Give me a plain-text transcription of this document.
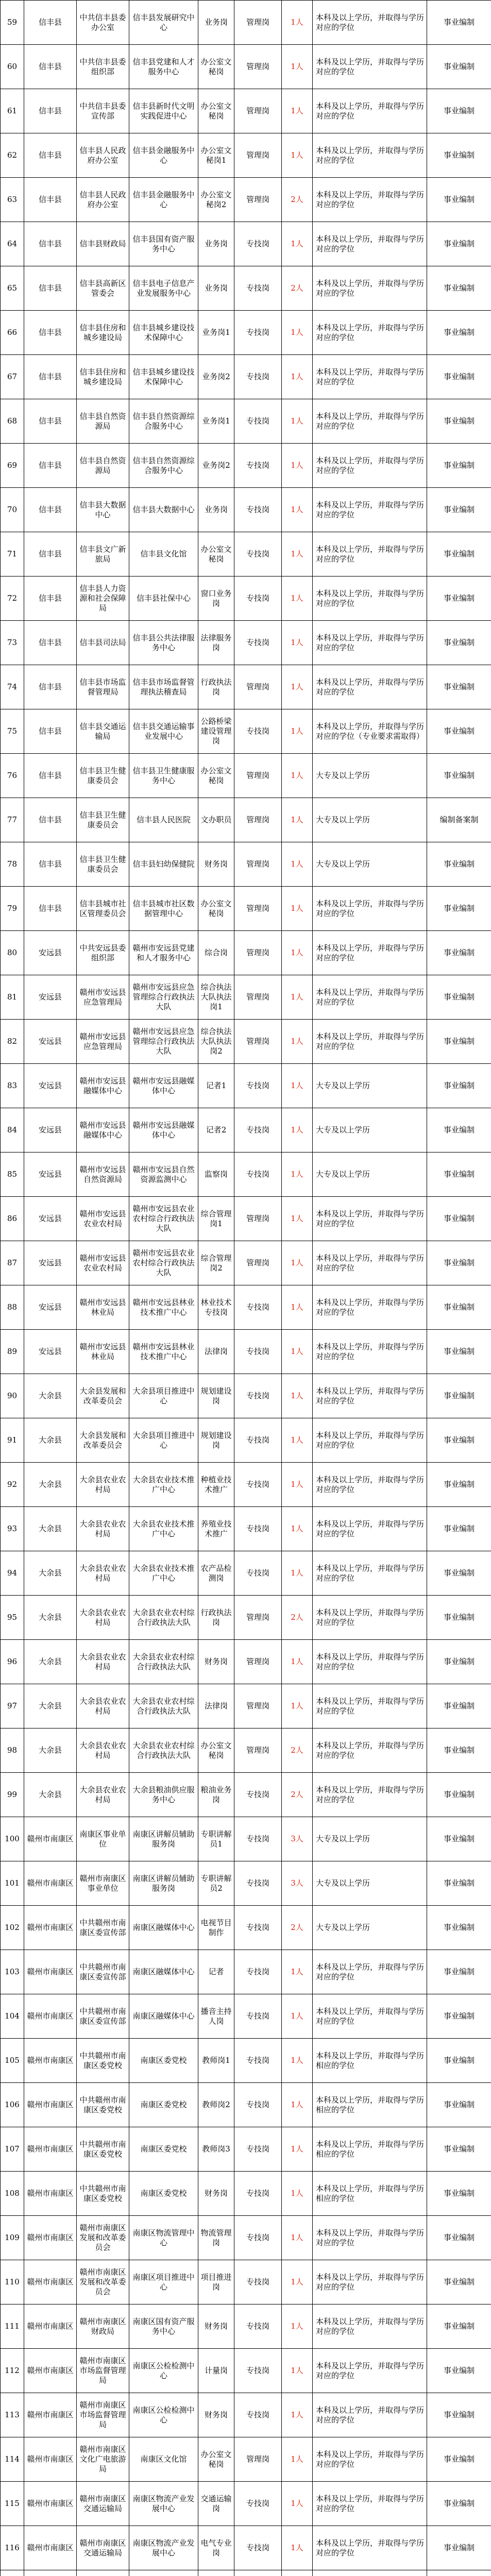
59	信丰县	中共信丰县委办公室	信丰县发展研究中心	业务岗	管理岗	1人	本科及以上学历，并取得与学历对应的学位	事业编制
60	信丰县	中共信丰县委组织部	信丰县党建和人才服务中心	办公室文秘岗	管理岗	1人	本科及以上学历，并取得与学历对应的学位	事业编制
61	信丰县	中共信丰县委宣传部	信丰县新时代文明实践促进中心	办公室文秘岗	管理岗	1人	本科及以上学历，并取得与学历对应的学位	事业编制
62	信丰县	信丰县人民政府办公室	信丰县金融服务中心	办公室文秘岗1	管理岗	1人	本科及以上学历，并取得与学历对应的学位	事业编制
63	信丰县	信丰县人民政府办公室	信丰县金融服务中心	办公室文秘岗2	管理岗	2人	本科及以上学历，并取得与学历对应的学位	事业编制
64	信丰县	信丰县财政局	信丰县国有资产服务中心	业务岗	专技岗	1人	本科及以上学历，并取得与学历对应的学位	事业编制
65	信丰县	信丰县高新区管委会	信丰县电子信息产业发展服务中心	业务岗	专技岗	2人	本科及以上学历，并取得与学历对应的学位	事业编制
66	信丰县	信丰县住房和城乡建设局	信丰县城乡建设技术保障中心	业务岗1	专技岗	1人	本科及以上学历，并取得与学历对应的学位	事业编制
67	信丰县	信丰县住房和城乡建设局	信丰县城乡建设技术保障中心	业务岗2	专技岗	1人	本科及以上学历，并取得与学历对应的学位	事业编制
68	信丰县	信丰县自然资源局	信丰县自然资源综合服务中心	业务岗1	专技岗	1人	本科及以上学历，并取得与学历对应的学位	事业编制
69	信丰县	信丰县自然资源局	信丰县自然资源综合服务中心	业务岗2	专技岗	1人	本科及以上学历，并取得与学历对应的学位	事业编制
70	信丰县	信丰县大数据中心	信丰县大数据中心	业务岗	专技岗	1人	本科及以上学历，并取得与学历对应的学位	事业编制
71	信丰县	信丰县文广新旅局	信丰县文化馆	办公室文秘岗	专技岗	1人	本科及以上学历，并取得与学历对应的学位	事业编制
72	信丰县	信丰县人力资源和社会保障局	信丰县社保中心	窗口业务岗	专技岗	1人	本科及以上学历，并取得与学历对应的学位	事业编制
73	信丰县	信丰县司法局	信丰县公共法律服务中心	法律服务岗	专技岗	1人	本科及以上学历，并取得与学历对应的学位	事业编制
74	信丰县	信丰县市场监督管理局	信丰县市场监督管理执法稽查局	行政执法岗	管理岗	1人	本科及以上学历，并取得与学历对应的学位	事业编制
75	信丰县	信丰县交通运输局	信丰县交通运输事业发展中心	公路桥梁建设管理岗	专技岗	1人	本科及以上学历，并取得与学历对应的学位（专业要求需取得）	事业编制
76	信丰县	信丰县卫生健康委员会	信丰县卫生健康服务中心	办公室文秘岗	管理岗	1人	大专及以上学历	事业编制
77	信丰县	信丰县卫生健康委员会	信丰县人民医院	文办职员	管理岗	1人	大专及以上学历	编制备案制
78	信丰县	信丰县卫生健康委员会	信丰县妇幼保健院	财务岗	管理岗	1人	大专及以上学历	事业编制
79	信丰县	信丰县城市社区管理委员会	信丰县城市社区数据管理中心	办公室文秘岗	管理岗	1人	本科及以上学历，并取得与学历对应的学位	事业编制
80	安远县	中共安远县委组织部	赣州市安远县党建和人才服务中心	综合岗	管理岗	1人	本科及以上学历，并取得与学历对应的学位	事业编制
81	安远县	赣州市安远县应急管理局	赣州市安远县应急管理综合行政执法大队	综合执法大队执法岗1	管理岗	1人	本科及以上学历，并取得与学历对应的学位	事业编制
82	安远县	赣州市安远县应急管理局	赣州市安远县应急管理综合行政执法大队	综合执法大队执法岗2	管理岗	1人	本科及以上学历，并取得与学历对应的学位	事业编制
83	安远县	赣州市安远县融媒体中心	赣州市安远县融媒体中心	记者1	专技岗	1人	大专及以上学历	事业编制
84	安远县	赣州市安远县融媒体中心	赣州市安远县融媒体中心	记者2	专技岗	1人	大专及以上学历	事业编制
85	安远县	赣州市安远县自然资源局	赣州市安远县自然资源监测中心	监察岗	专技岗	1人	大专及以上学历	事业编制
86	安远县	赣州市安远县农业农村局	赣州市安远县农业农村综合行政执法大队	综合管理岗1	管理岗	1人	本科及以上学历，并取得与学历对应的学位	事业编制
87	安远县	赣州市安远县农业农村局	赣州市安远县农业农村综合行政执法大队	综合管理岗2	管理岗	1人	本科及以上学历，并取得与学历对应的学位	事业编制
88	安远县	赣州市安远县林业局	赣州市安远县林业技术推广中心	林业技术专技岗	专技岗	1人	本科及以上学历，并取得与学历对应的学位	事业编制
89	安远县	赣州市安远县林业局	赣州市安远县林业技术推广中心	法律岗	专技岗	1人	本科及以上学历，并取得与学历对应的学位	事业编制
90	大余县	大余县发展和改革委员会	大余县项目推进中心	规划建设岗	专技岗	1人	本科及以上学历，并取得与学历对应的学位	事业编制
91	大余县	大余县发展和改革委员会	大余县项目推进中心	规划建设岗	专技岗	1人	本科及以上学历，并取得与学历对应的学位	事业编制
92	大余县	大余县农业农村局	大余县农业技术推广中心	种植业技术推广	专技岗	1人	本科及以上学历，并取得与学历对应的学位	事业编制
93	大余县	大余县农业农村局	大余县农业技术推广中心	养殖业技术推广	专技岗	1人	本科及以上学历，并取得与学历对应的学位	事业编制
94	大余县	大余县农业农村局	大余县农业技术推广中心	农产品检测岗	专技岗	1人	本科及以上学历，并取得与学历对应的学位	事业编制
95	大余县	大余县农业农村局	大余县农业农村综合行政执法大队	行政执法岗	管理岗	2人	本科及以上学历，并取得与学历对应的学位	事业编制
96	大余县	大余县农业农村局	大余县农业农村综合行政执法大队	财务岗	管理岗	1人	本科及以上学历，并取得与学历对应的学位	事业编制
97	大余县	大余县农业农村局	大余县农业农村综合行政执法大队	法律岗	管理岗	1人	本科及以上学历，并取得与学历对应的学位	事业编制
98	大余县	大余县农业农村局	大余县农业农村综合行政执法大队	办公室文秘岗	管理岗	2人	本科及以上学历，并取得与学历对应的学位	事业编制
99	大余县	大余县农业农村局	大余县粮油供应服务中心	粮油业务岗	专技岗	2人	本科及以上学历，并取得与学历对应的学位	事业编制
100	赣州市南康区	南康区事业单位	南康区讲解员辅助服务岗	专职讲解员1	专技岗	3人	大专及以上学历	事业编制
101	赣州市南康区	赣州市南康区事业单位	南康区讲解员辅助服务岗	专职讲解员2	专技岗	3人	大专及以上学历	事业编制
102	赣州市南康区	中共赣州市南康区委宣传部	南康区融媒体中心	电视节目制作	专技岗	2人	大专及以上学历	事业编制
103	赣州市南康区	中共赣州市南康区委宣传部	南康区融媒体中心	记者	专技岗	1人	本科及以上学历，并取得与学历对应的学位	事业编制
104	赣州市南康区	中共赣州市南康区委宣传部	南康区融媒体中心	播音主持人岗	专技岗	1人	本科及以上学历，并取得与学历对应的学位	事业编制
105	赣州市南康区	中共赣州市南康区委党校	南康区委党校	教师岗1	专技岗	1人	本科及以上学历，并取得与学历相应的学位	事业编制
106	赣州市南康区	中共赣州市南康区委党校	南康区委党校	教师岗2	专技岗	1人	本科及以上学历，并取得与学历相应的学位	事业编制
107	赣州市南康区	中共赣州市南康区委党校	南康区委党校	教师岗3	专技岗	1人	本科及以上学历，并取得与学历相应的学位	事业编制
108	赣州市南康区	中共赣州市南康区委党校	南康区委党校	财务岗	专技岗	1人	本科及以上学历，并取得与学历相应的学位	事业编制
109	赣州市南康区	赣州市南康区发展和改革委员会	南康区物流管理中心	物流管理岗	专技岗	1人	本科及以上学历，并取得与学历对应的学位	事业编制
110	赣州市南康区	赣州市南康区发展和改革委员会	南康区项目推进中心	项目推进岗	专技岗	1人	本科及以上学历，并取得与学历对应的学位	事业编制
111	赣州市南康区	赣州市南康区财政局	南康区国有资产服务中心	财务岗	专技岗	1人	本科及以上学历，并取得与学历对应的学位	事业编制
112	赣州市南康区	赣州市南康区市场监督管理局	南康区公检检测中心	计量岗	专技岗	1人	本科及以上学历，并取得与学历对应的学位	事业编制
113	赣州市南康区	赣州市南康区市场监督管理局	南康区公检检测中心	财务岗	专技岗	1人	本科及以上学历，并取得与学历对应的学位	事业编制
114	赣州市南康区	赣州市南康区文化广电旅游局	南康区文化馆	办公室文秘岗	管理岗	1人	本科及以上学历，并取得与学历对应的学位	事业编制
115	赣州市南康区	赣州市南康区交通运输局	南康区物流产业发展中心	交通运输岗	专技岗	1人	本科及以上学历，并取得与学历对应的学位	事业编制
116	赣州市南康区	赣州市南康区交通运输局	南康区物流产业发展中心	电气专业岗	专技岗	1人	本科及以上学历，并取得与学历对应的学位	事业编制
